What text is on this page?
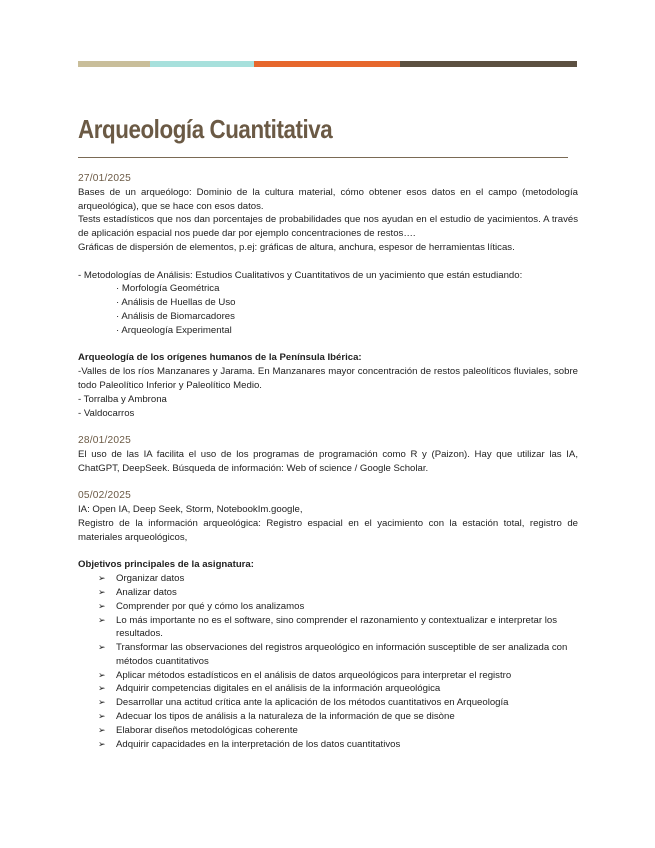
Arqueología Cuantitativa

27/01/2025

Bases de un arqueólogo: Dominio de la cultura material, cómo obtener esos datos en el campo (metodología arqueológica), que se hace con esos datos.

Tests estadísticos que nos dan porcentajes de probabilidades que nos ayudan en el estudio de yacimientos. A través de aplicación espacial nos puede dar por ejemplo concentraciones de restos….

Gráficas de dispersión de elementos, p.ej: gráficas de altura, anchura, espesor de herramientas líticas.

- Metodologías de Análisis: Estudios Cualitativos y Cuantitativos de un yacimiento que están estudiando:

· Morfología Geométrica

· Análisis de Huellas de Uso

· Análisis de Biomarcadores

· Arqueología Experimental

Arqueología de los orígenes humanos de la Península Ibérica:

-Valles de los ríos Manzanares y Jarama. En Manzanares mayor concentración de restos paleolíticos fluviales, sobre todo Paleolítico Inferior y Paleolítico Medio.

- Torralba y Ambrona

- Valdocarros

28/01/2025

El uso de las IA facilita el uso de los programas de programación como R y (Paizon). Hay que utilizar las IA, ChatGPT, DeepSeek. Búsqueda de información: Web of science / Google Scholar.

05/02/2025

IA: Open IA, Deep Seek, Storm, NotebookIm.google,

Registro de la información arqueológica: Registro espacial en el yacimiento con la estación total, registro de materiales arqueológicos,

Objetivos principales de la asignatura:

➢ Organizar datos
➢ Analizar datos
➢ Comprender por qué y cómo los analizamos
➢ Lo más importante no es el software, sino comprender el razonamiento y contextualizar e interpretar los resultados.
➢ Transformar las observaciones del registros arqueológico en información susceptible de ser analizada con métodos cuantitativos
➢ Aplicar métodos estadísticos en el análisis de datos arqueológicos para interpretar el registro
➢ Adquirir competencias digitales en el análisis de la información arqueológica
➢ Desarrollar una actitud crítica ante la aplicación de los métodos cuantitativos en Arqueología
➢ Adecuar los tipos de análisis a la naturaleza de la información de que se disòne
➢ Elaborar diseños metodológicas coherente
➢ Adquirir capacidades en la interpretación de los datos cuantitativos
